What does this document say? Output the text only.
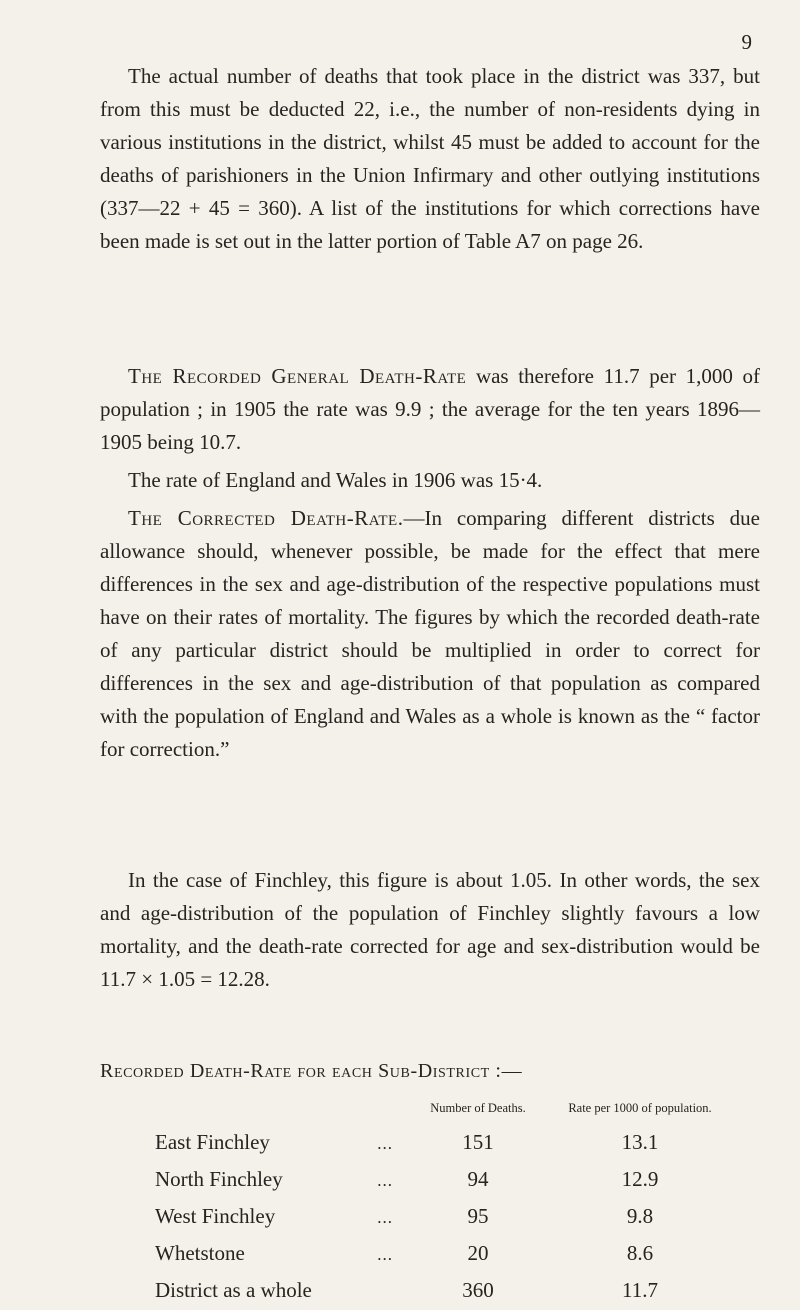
9

The actual number of deaths that took place in the district was 337, but from this must be deducted 22, i.e., the number of non-residents dying in various institutions in the district, whilst 45 must be added to account for the deaths of parishioners in the Union Infirmary and other outlying institutions (337—22 + 45 = 360). A list of the institutions for which corrections have been made is set out in the latter portion of Table A7 on page 26.

The Recorded General Death-Rate was therefore 11.7 per 1,000 of population ; in 1905 the rate was 9.9 ; the average for the ten years 1896—1905 being 10.7.

The rate of England and Wales in 1906 was 15·4.

The Corrected Death-Rate.—In comparing different districts due allowance should, whenever possible, be made for the effect that mere differences in the sex and age-distribution of the respective populations must have on their rates of mortality. The figures by which the recorded death-rate of any particular district should be multiplied in order to correct for differences in the sex and age-distribution of that population as compared with the population of England and Wales as a whole is known as the “ factor for correction.”

In the case of Finchley, this figure is about 1.05. In other words, the sex and age-distribution of the population of Finchley slightly favours a low mortality, and the death-rate corrected for age and sex-distribution would be 11.7 × 1.05 = 12.28.

Recorded Death-Rate for each Sub-District :—

	Number of Deaths.	Rate per 1000 of population.
East Finchley ...	151	13.1
North Finchley ...	94	12.9
West Finchley ...	95	9.8
Whetstone ...	20	8.6
District as a whole	360	11.7
